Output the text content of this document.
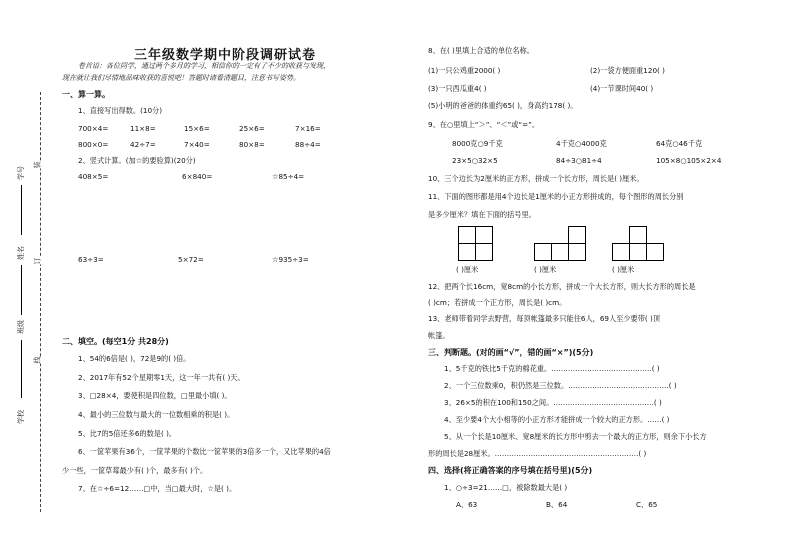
三年级数学期中阶段调研试卷
卷首语：各位同学，通过两个多月的学习，相信你的一定有了不少的收获与发现，
现在就让我们尽情地品味收获的喜悦吧！答题时请看清题目，注意书写姿势。
学号
姓名
班级
学校
装
订
线
一、算一算。
1、直接写出得数。(10分)
700×4=	11×8=	15×6=	25×6=	7×16=
800×0=	42÷7=	7×40=	80×8=	88÷4=
2、竖式计算。(加☆的要验算)(20分)
408×5=	6×840=	☆85÷4=
63÷3=	5×72=	☆935÷3=
二、填空。(每空1分 共28分)
1、54的6倍是( )，72是9的( )倍。
2、2017年有52个星期零1天，这一年一共有( )天。
3、□28×4，要使积是四位数，□里最小填( )。
4、最小的三位数与最大的一位数相乘的积是( )。
5、比7的5倍还多6的数是( )。
6、一筐苹果有36个，一筐苹果的个数比一筐苹果的3倍多一个，又比苹果的4倍
少一些，一筐草莓最少有( )个，最多有( )个。
7、在☆÷6=12……□中，当□最大时，☆是( )。
8、在( )里填上合适的单位名称。
(1)一只公鸡重2000( )	(2)一袋方便面重120( )
(3)一只西瓜重4( )	(4)一节课时间40( )
(5)小明的爸爸的体重约65( )，身高约178( )。
9、在○里填上“＞”、“＜”或“=”。
8000克○9千克	4千克○4000克	64克○46千克
23×5○32×5	84÷3○81÷4	105×8○105×2×4
10、三个边长为2厘米的正方形，拼成一个长方形，周长是( )厘米。
11、下面的图形都是用4个边长是1厘米的小正方形拼成的，每个图形的周长分别
是多少厘米？填在下面的括号里。
( )厘米	( )厘米	( )厘米
12、把两个长16cm，宽8cm的小长方形，拼成一个大长方形，则大长方形的周长是
( )cm；若拼成一个正方形，周长是( )cm。
13、老师带着同学去野营，每顶帐篷最多只能住6人，69人至少要带( )顶
帐篷。
三、判断题。(对的画“√”，错的画“×”)(5分)
1、5千克的铁比5千克的棉花重。……………………………………( )
2、一个三位数乘0，积仍然是三位数。……………………………………( )
3、26×5的积在100和150之间。……………………………………( )
4、至少要4个大小相等的小正方形才能拼成一个较大的正方形。……( )
5、从一个长是10厘米、宽8厘米的长方形中剪去一个最大的正方形，则余下小长方
形的周长是28厘米。……………………………………………………( )
四、选择(将正确答案的序号填在括号里)(5分)
1、○÷3=21……□，被除数最大是( )
A、63	B、64	C、65
